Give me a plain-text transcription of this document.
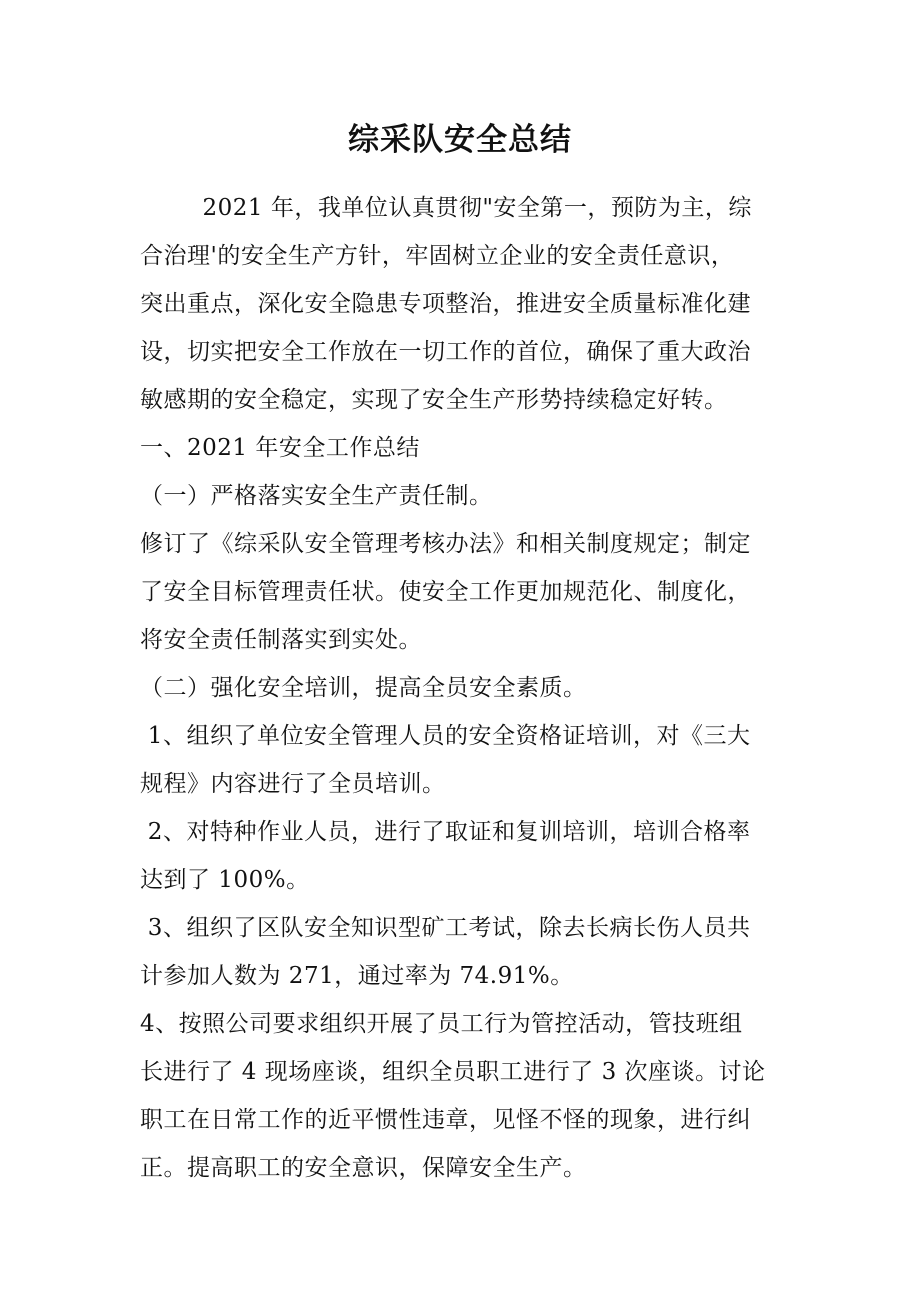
综采队安全总结

2021 年，我单位认真贯彻"安全第一，预防为主，综

合治理'的安全生产方针，牢固树立企业的安全责任意识，

突出重点，深化安全隐患专项整治，推进安全质量标准化建

设，切实把安全工作放在一切工作的首位，确保了重大政治

敏感期的安全稳定，实现了安全生产形势持续稳定好转。

一、2021 年安全工作总结

（一）严格落实安全生产责任制。

修订了《综采队安全管理考核办法》和相关制度规定；制定

了安全目标管理责任状。使安全工作更加规范化、制度化，

将安全责任制落实到实处。

（二）强化安全培训，提高全员安全素质。

1、组织了单位安全管理人员的安全资格证培训，对《三大

规程》内容进行了全员培训。

2、对特种作业人员，进行了取证和复训培训，培训合格率

达到了 100%。

3、组织了区队安全知识型矿工考试，除去长病长伤人员共

计参加人数为 271，通过率为 74.91%。

4、按照公司要求组织开展了员工行为管控活动，管技班组

长进行了 4 现场座谈，组织全员职工进行了 3 次座谈。讨论

职工在日常工作的近平惯性违章，见怪不怪的现象，进行纠

正。提高职工的安全意识，保障安全生产。
